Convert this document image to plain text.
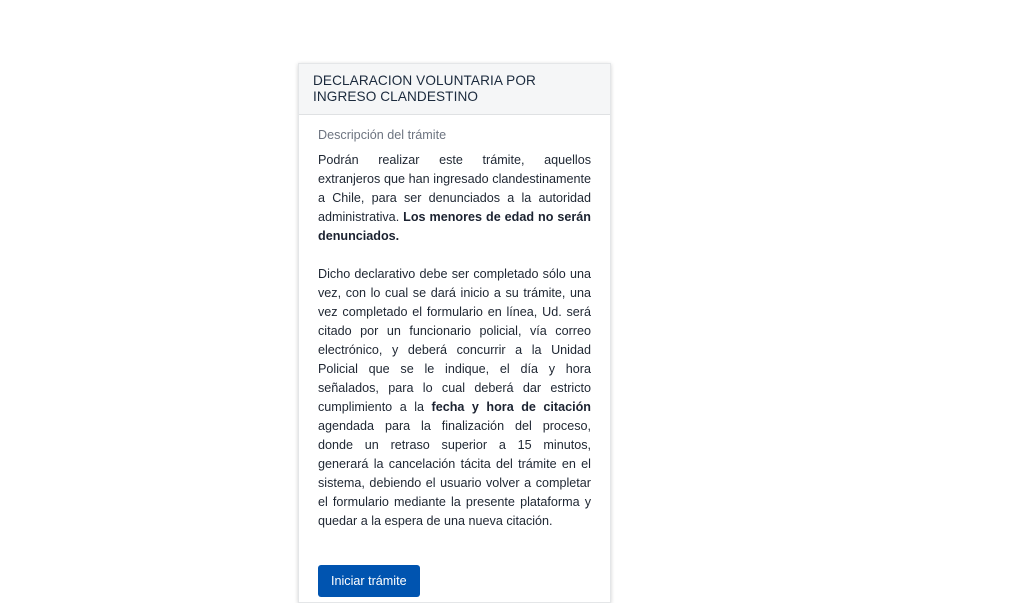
DECLARACION VOLUNTARIA POR INGRESO CLANDESTINO
Descripción del trámite

Podrán realizar este trámite, aquellos extranjeros que han ingresado clandestinamente a Chile, para ser denunciados a la autoridad administrativa. Los menores de edad no serán denunciados.

Dicho declarativo debe ser completado sólo una vez, con lo cual se dará inicio a su trámite, una vez completado el formulario en línea, Ud. será citado por un funcionario policial, vía correo electrónico, y deberá concurrir a la Unidad Policial que se le indique, el día y hora señalados, para lo cual deberá dar estricto cumplimiento a la fecha y hora de citación agendada para la finalización del proceso, donde un retraso superior a 15 minutos, generará la cancelación tácita del trámite en el sistema, debiendo el usuario volver a completar el formulario mediante la presente plataforma y quedar a la espera de una nueva citación.

Iniciar trámite
